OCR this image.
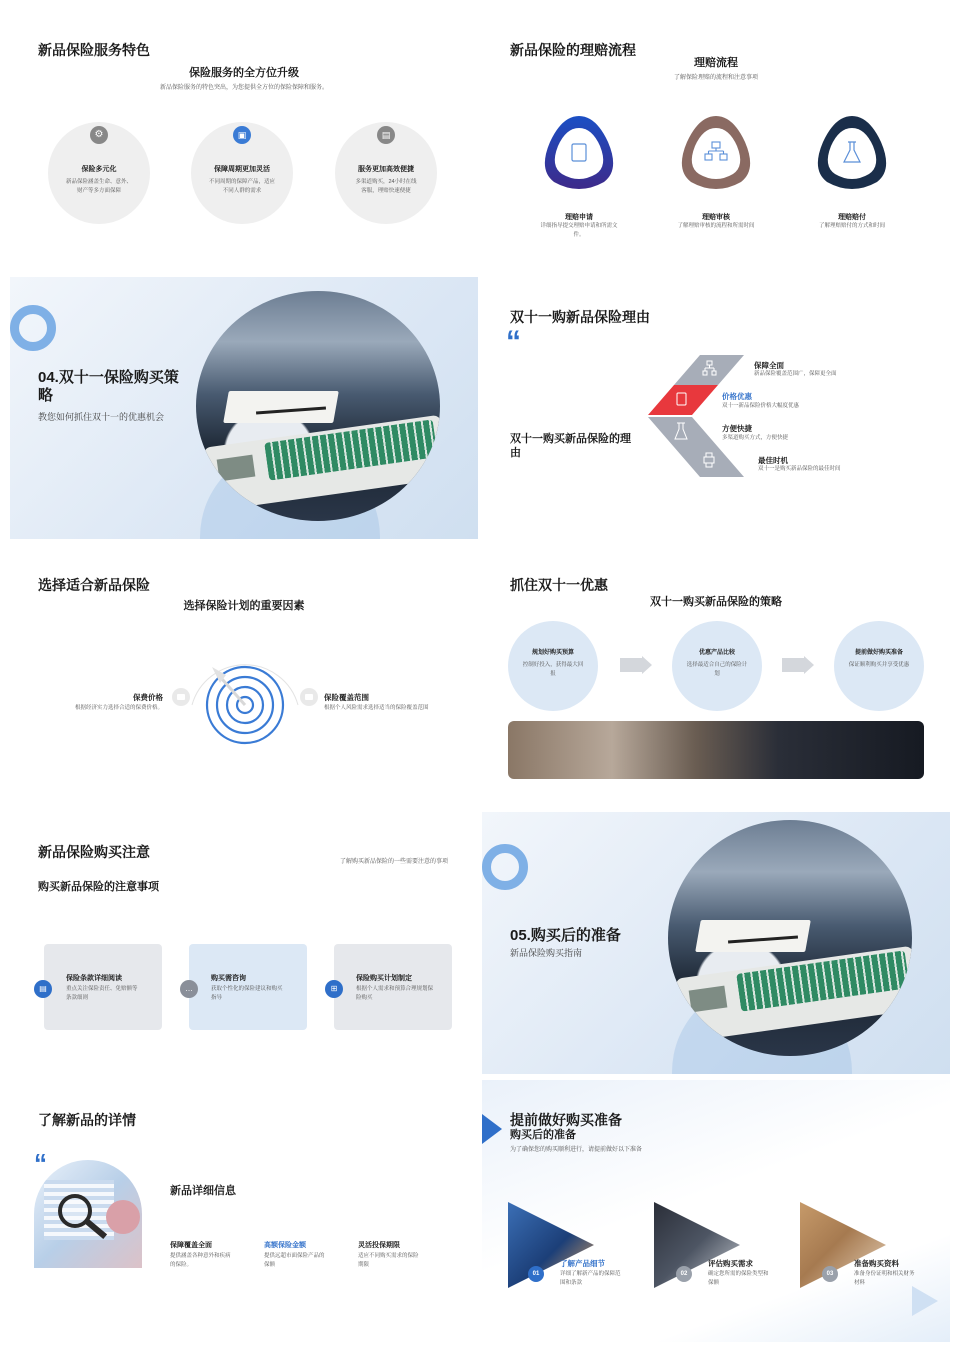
新品保险服务特色
保险服务的全方位升级
新品保险服务的特色突出，为您提供全方位的保险保障和服务。
⚙
保险多元化
新品保险涵盖生命、意外、财产等多方面保障
▣
保障周期更加灵活
不同周期的保障产品，适应不同人群的需求
▤
服务更加高效便捷
多渠道购买，24小时在线客服，理赔快速便捷
新品保险的理赔流程
理赔流程
了解保险理赔的流程和注意事项
理赔申请
详细指导提交理赔申请和所需文件。
理赔审核
了解理赔审核的流程和所需时间
理赔赔付
了解理赔赔付的方式和时间
04.双十一保险购买策略
教您如何抓住双十一的优惠机会
双十一购新品保险理由
“
双十一购买新品保险的理由
保障全面
新品保险覆盖范围广，保障更全面
价格优惠
双十一新品保险价格大幅度优惠
方便快捷
多渠道购买方式，方便快捷
最佳时机
双十一是购买新品保险的最佳时间
选择适合新品保险
选择保险计划的重要因素
保费价格
根据经济实力选择合适的保费价格。
保险覆盖范围
根据个人风险需求选择适当的保险覆盖范围
抓住双十一优惠
双十一购买新品保险的策略
规划好购买预算
控制好投入，获得最大回报
优惠产品比较
选择最适合自己的保险计划
提前做好购买准备
保证顺利购买并享受优惠
新品保险购买注意
了解购买新品保险的一些需要注意的事项
购买新品保险的注意事项
保险条款详细阅读
重点关注保险责任、免赔额等条款细则
▤
购买需咨询
获取个性化的保险建议和购买指导
…
保险购买计划制定
根据个人需求和预算合理规划保险购买
⊞
05.购买后的准备
新品保险购买指南
了解新品的详情
“
新品详细信息
保障覆盖全面
提供涵盖各种意外和疾病的保险。
高额保险金额
提供远超市面保险产品的保额
灵活投保期限
适应不同购买需求的保险期限
提前做好购买准备
购买后的准备
为了确保您的购买顺利进行，请提前做好以下准备
01
了解产品细节
详细了解新产品的保障范围和条款
02
评估购买需求
确定您所需的保险类型和保额
03
准备购买资料
准备身份证明和相关财务材料
